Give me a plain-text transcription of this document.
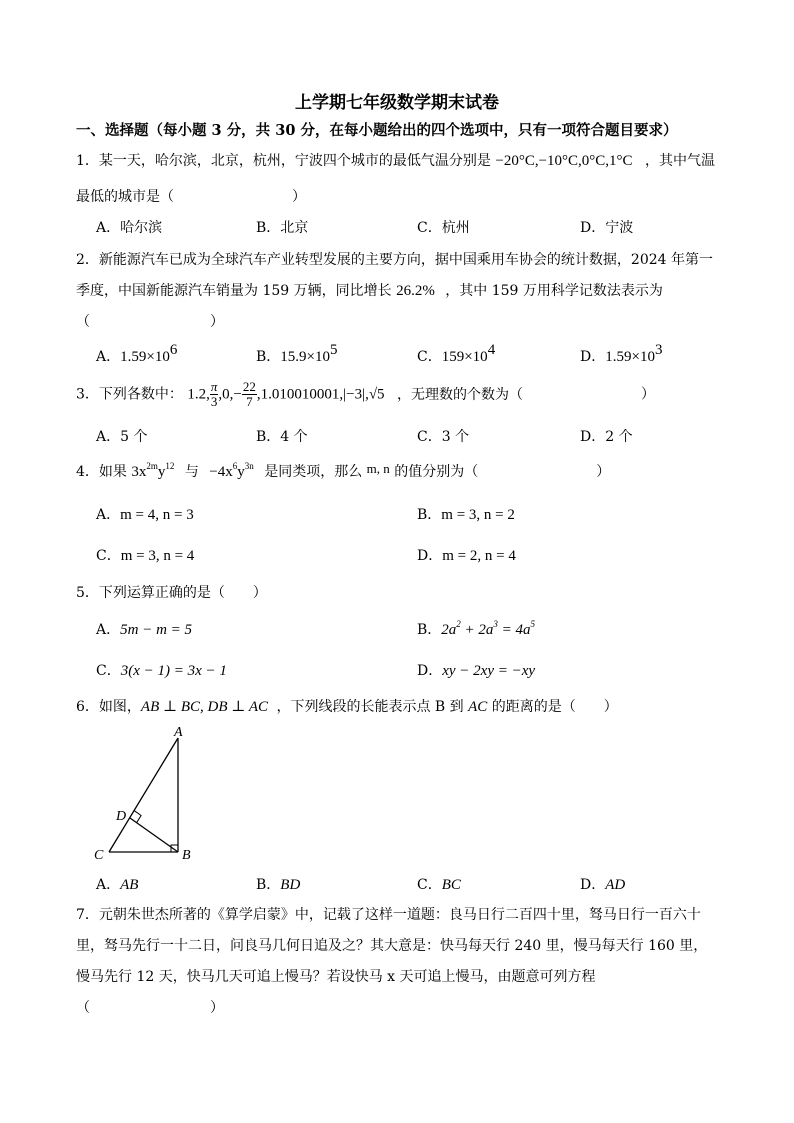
上学期七年级数学期末试卷
一、选择题（每小题 3 分，共 30 分，在每小题给出的四个选项中，只有一项符合题目要求）
1．某一天，哈尔滨，北京，杭州，宁波四个城市的最低气温分别是 −20°C,−10°C,0°C,1°C ，其中气温
最低的城市是（	）
A．哈尔滨	B．北京	C．杭州	D．宁波
2．新能源汽车已成为全球汽车产业转型发展的主要方向，据中国乘用车协会的统计数据，2024 年第一
季度，中国新能源汽车销量为 159 万辆，同比增长 26.2% ，其中 159 万用科学记数法表示为
（	）
A．$1.59\times 10^6$	B．$15.9\times 10^5$	C．$159\times 10^4$	D．$1.59\times 10^3$
3．下列各数中： 1.2, $\frac{\pi}{3} ,0,- \frac{22}{7} ,1.010010001,|-3|,√5$ ，无理数的个数为（	）
A．5 个	B．4 个	C．3 个	D．2 个
4．如果 $3x^{2m}y^{12}$ 与 $-4x^6y^{3n}$ 是同类项，那么 m, n 的值分别为（	）
A．m = 4, n = 3	B．m = 3, n = 2
C．m = 3, n = 4	D．m = 2, n = 4
5．下列运算正确的是（　　）
A．5m − m = 5	B．$2a^2 + 2a^3 = 4a^5$
C．3(x − 1) = 3x − 1	D．xy − 2xy = −xy
6．如图，AB ⊥ BC, DB ⊥ AC ，下列线段的长能表示点 B 到 AC 的距离的是（　　）
A
B
C
D
A．AB	B．BD	C．BC	D．AD
7．元朝朱世杰所著的《算学启蒙》中，记载了这样一道题：良马日行二百四十里，驽马日行一百六十
里，驽马先行一十二日，问良马几何日追及之？其大意是：快马每天行 240 里，慢马每天行 160 里，
慢马先行 12 天，快马几天可追上慢马？若设快马 x 天可追上慢马，由题意可列方程
（	）
